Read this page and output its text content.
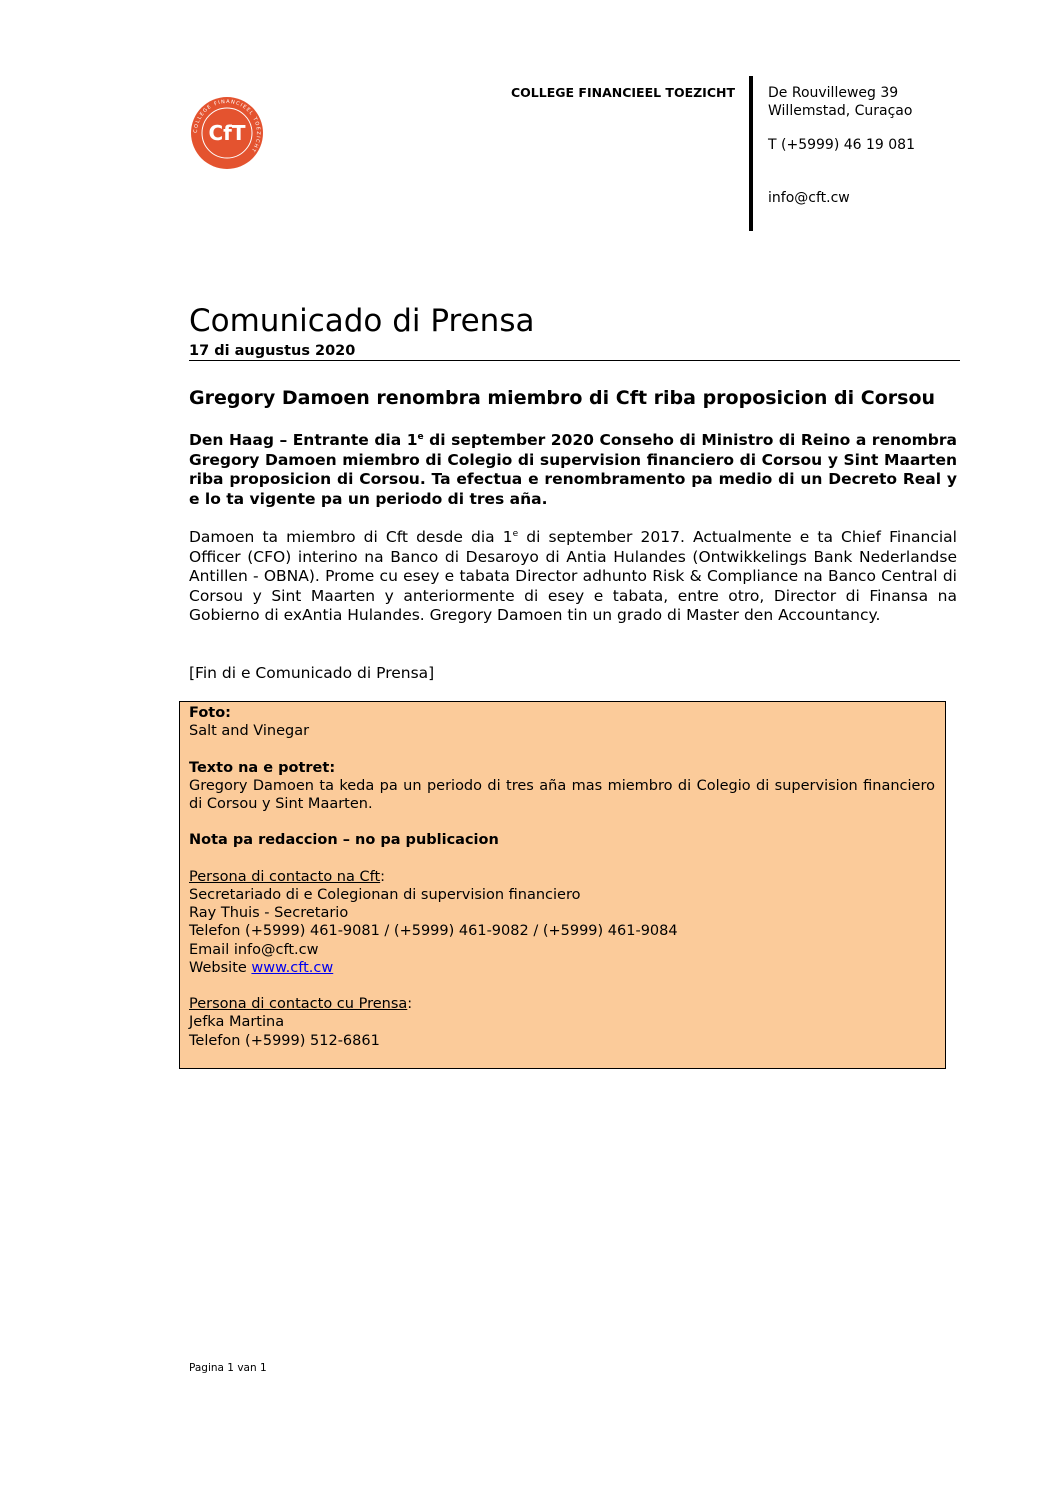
COLLEGE FINANCIEEL TOEZICHT
CfT
COLLEGE FINANCIEEL TOEZICHT De Rouvilleweg 39
Willemstad, Curaçao
T (+5999) 46 19 081
info@cft.cw
Comunicado di Prensa
17 di augustus 2020
Gregory Damoen renombra miembro di Cft riba proposicion di Corsou
Den Haag – Entrante dia 1e di september 2020 Conseho di Ministro di Reino a renombra Gregory Damoen miembro di Colegio di supervision financiero di Corsou y Sint Maarten riba proposicion di Corsou. Ta efectua e renombramento pa medio di un Decreto Real y e lo ta vigente pa un periodo di tres aña.
Damoen ta miembro di Cft desde dia 1e di september 2017. Actualmente e ta Chief Financial Officer (CFO) interino na Banco di Desaroyo di Antia Hulandes (Ontwikkelings Bank Nederlandse Antillen - OBNA). Prome cu esey e tabata Director adhunto Risk & Compliance na Banco Central di Corsou y Sint Maarten y anteriormente di esey e tabata, entre otro, Director di Finansa na Gobierno di exAntia Hulandes. Gregory Damoen tin un grado di Master den Accountancy.
[Fin di e Comunicado di Prensa]

Foto:

Salt and Vinegar

Texto na e potret:

Gregory Damoen ta keda pa un periodo di tres aña mas miembro di Colegio di supervision financiero di Corsou y Sint Maarten.

Nota pa redaccion – no pa publicacion

Persona di contacto na Cft:

Secretariado di e Colegionan di supervision financiero

Ray Thuis - Secretario

Telefon (+5999) 461-9081 / (+5999) 461-9082 / (+5999) 461-9084

Email info@cft.cw

Website www.cft.cw

Persona di contacto cu Prensa:

Jefka Martina

Telefon (+5999) 512-6861

Pagina 1 van 1
